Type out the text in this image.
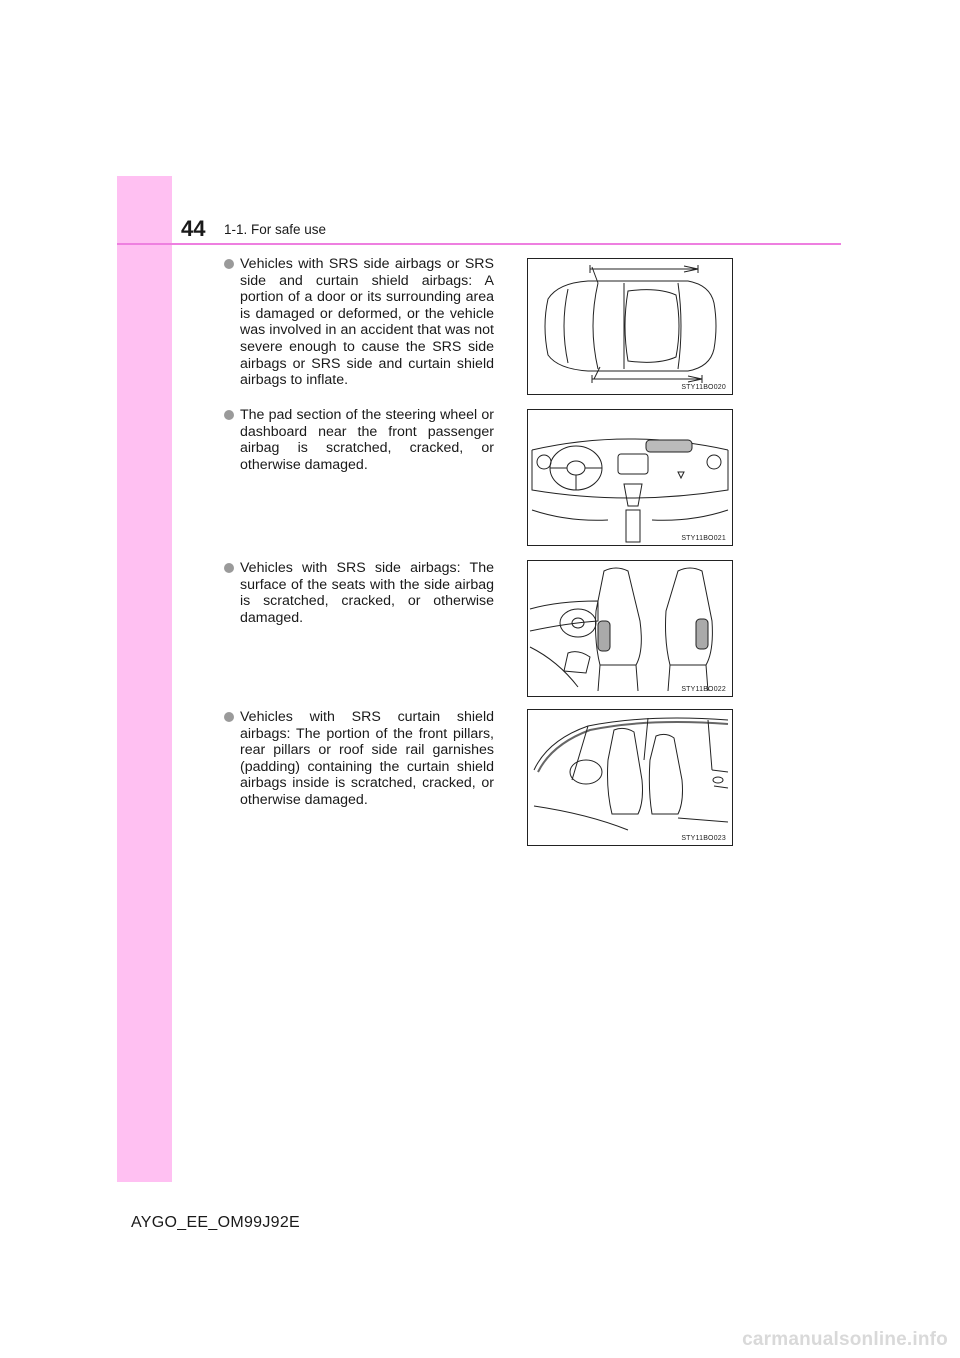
44 1-1. For safe use
Vehicles with SRS side airbags or SRS side and curtain shield airbags: A portion of a door or its surrounding area is damaged or deformed, or the vehicle was involved in an accident that was not severe enough to cause the SRS side airbags or SRS side and curtain shield airbags to inflate.	STY11BO020
The pad section of the steering wheel or dashboard near the front passenger airbag is scratched, cracked, or otherwise damaged.
STY11BO021
Vehicles with SRS side airbags: The surface of the seats with the side airbag is scratched, cracked, or otherwise damaged.
STY11BO022
Vehicles with SRS curtain shield airbags: The portion of the front pillars, rear pillars or roof side rail garnishes (padding) containing the curtain shield airbags inside is scratched, cracked, or otherwise damaged.
STY11BO023
AYGO_EE_OM99J92E
carmanualsonline.info
